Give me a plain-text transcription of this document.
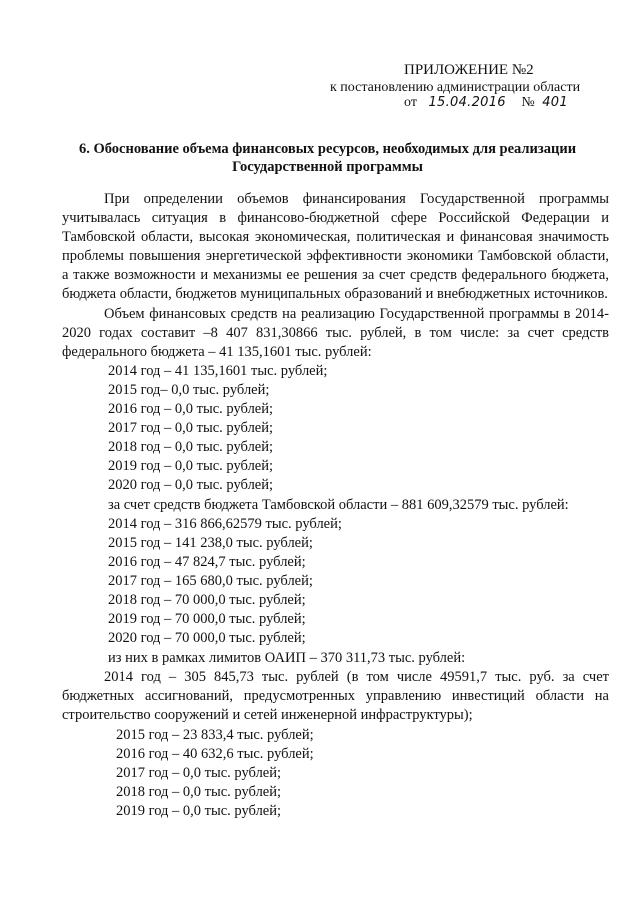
ПРИЛОЖЕНИЕ №2
к постановлению администрации области
от 15.04.2016 № 401
6. Обоснование объема финансовых ресурсов, необходимых для реализации
Государственной программы
При определении объемов финансирования Государственной программы учитывалась ситуация в финансово-бюджетной сфере Российской Федерации и Тамбовской области, высокая экономическая, политическая и финансовая значимость проблемы повышения энергетической эффективности экономики Тамбовской области, а также возможности и механизмы ее решения за счет средств федерального бюджета, бюджета области, бюджетов муниципальных образований и внебюджетных источников.
Объем финансовых средств на реализацию Государственной программы в 2014-2020 годах составит –8 407 831,30866 тыс. рублей, в том числе: за счет средств федерального бюджета – 41 135,1601 тыс. рублей:
2014 год – 41 135,1601 тыс. рублей;
2015 год– 0,0 тыс. рублей;
2016 год – 0,0 тыс. рублей;
2017 год – 0,0 тыс. рублей;
2018 год – 0,0 тыс. рублей;
2019 год – 0,0 тыс. рублей;
2020 год – 0,0 тыс. рублей;
за счет средств бюджета Тамбовской области – 881 609,32579 тыс. рублей:
2014 год – 316 866,62579 тыс. рублей;
2015 год – 141 238,0 тыс. рублей;
2016 год – 47 824,7 тыс. рублей;
2017 год – 165 680,0 тыс. рублей;
2018 год – 70 000,0 тыс. рублей;
2019 год – 70 000,0 тыс. рублей;
2020 год – 70 000,0 тыс. рублей;
из них в рамках лимитов ОАИП – 370 311,73 тыс. рублей:
2014 год – 305 845,73 тыс. рублей (в том числе 49591,7 тыс. руб. за счет бюджетных ассигнований, предусмотренных управлению инвестиций области на строительство сооружений и сетей инженерной инфраструктуры);
2015 год – 23 833,4 тыс. рублей;
2016 год – 40 632,6 тыс. рублей;
2017 год – 0,0 тыс. рублей;
2018 год – 0,0 тыс. рублей;
2019 год – 0,0 тыс. рублей;
